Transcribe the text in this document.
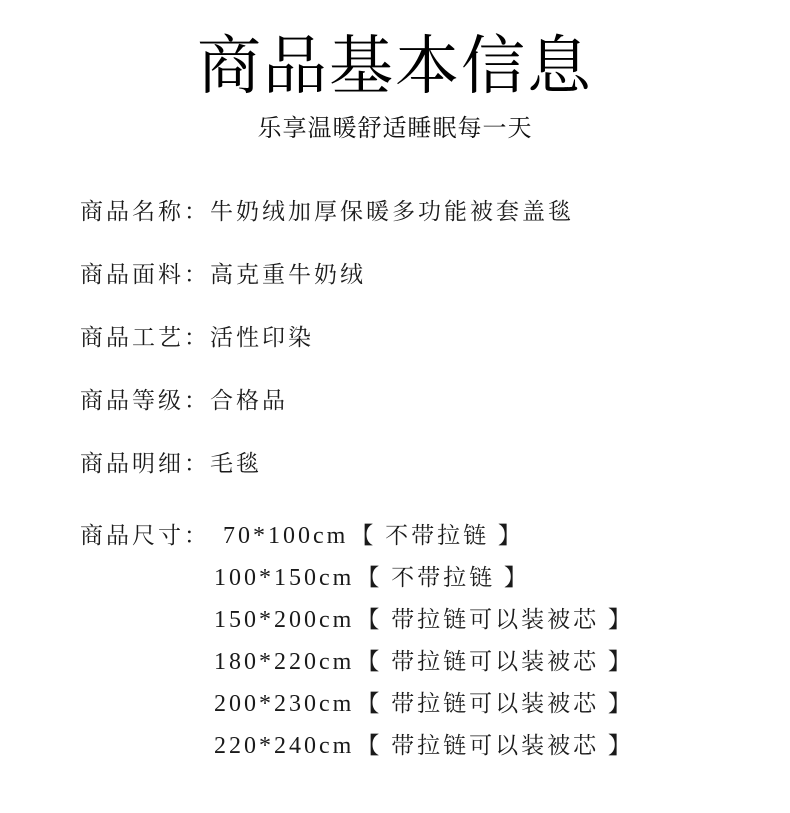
商品基本信息
乐享温暖舒适睡眠每一天
商品名称：牛奶绒加厚保暖多功能被套盖毯
商品面料：高克重牛奶绒
商品工艺：活性印染
商品等级：合格品
商品明细：毛毯
商品尺寸： 70*100cm【 不带拉链 】
100*150cm【 不带拉链 】
150*200cm【 带拉链可以装被芯 】
180*220cm【 带拉链可以装被芯 】
200*230cm【 带拉链可以装被芯 】
220*240cm【 带拉链可以装被芯 】
